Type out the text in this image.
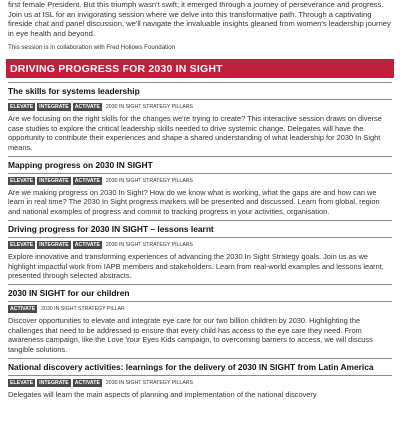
first female President. But this triumph wasn't swift; it emerged through a journey of perseverance and progress. Join us at ISL for an invigorating session where we delve into this transformative path. Through a captivating fireside chat and panel discussion, we'll navigate the invaluable insights gleaned from women's leadership journey in eye health and beyond.

This session is in collaboration with Fred Hollows Foundation

DRIVING PROGRESS FOR 2030 IN SIGHT
The skills for systems leadership
ELEVATE	INTEGRATE	ACTIVATE	2030 IN SIGHT STRATEGY PILLARS

Are we focusing on the right skills for the changes we're trying to create? This interactive session draws on diverse case studies to explore the critical leadership skills needed to drive systemic change. Delegates will have the opportunity to contribute their experiences and shape a shared understanding of what leadership for 2030 In Sight means.

Mapping progress on 2030 IN SIGHT
ELEVATE	INTEGRATE	ACTIVATE	2030 IN SIGHT STRATEGY PILLARS

Are we making progress on 2030 In Sight? How do we know what is working, what the gaps are and how can we learn in real time? The 2030 In Sight progress markers will be presented and discussed. Learn from global, region and national examples of progress and commit to tracking progress in your activities, organisation.

Driving progress for 2030 IN SIGHT – lessons learnt
ELEVATE	INTEGRATE	ACTIVATE	2030 IN SIGHT STRATEGY PILLARS

Explore innovative and transforming experiences of advancing the 2030 In Sight Strategy goals. Join us as we highlight impactful work from IAPB members and stakeholders. Learn from real-world examples and lessons learnt, presented through selected abstracts.

2030 IN SIGHT for our children
ACTIVATE	2030 IN SIGHT STRATEGY PILLAR

Discover opportunities to elevate and integrate eye care for our two billion children by 2030. Highlighting the challenges that need to be addressed to ensure that every child has access to the eye care they need. From awareness campaign, like the Love Your Eyes Kids campaign, to overcoming barriers to access, we will discuss tangible solutions.

National discovery activities: learnings for the delivery of 2030 IN SIGHT from Latin America
ELEVATE	INTEGRATE	ACTIVATE	2030 IN SIGHT STRATEGY PILLARS

Delegates will learn the main aspects of planning and implementation of the national discovery
